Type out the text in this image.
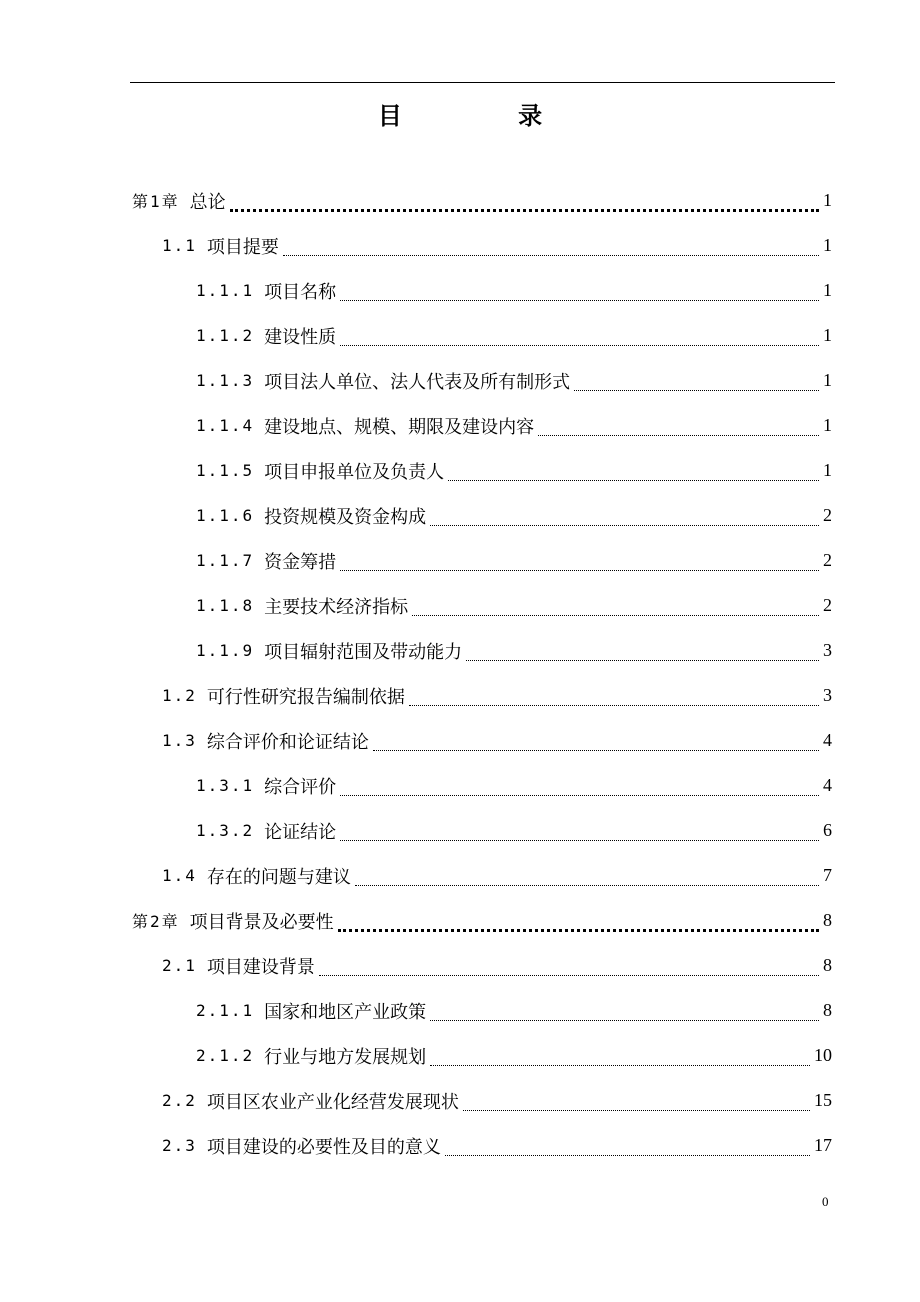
目 录
第1章 总论	1
1.1 项目提要	1
1.1.1 项目名称	1
1.1.2 建设性质	1
1.1.3 项目法人单位、法人代表及所有制形式	1
1.1.4 建设地点、规模、期限及建设内容	1
1.1.5 项目申报单位及负责人	1
1.1.6 投资规模及资金构成	2
1.1.7 资金筹措	2
1.1.8 主要技术经济指标	2
1.1.9 项目辐射范围及带动能力	3
1.2 可行性研究报告编制依据	3
1.3 综合评价和论证结论	4
1.3.1 综合评价	4
1.3.2 论证结论	6
1.4 存在的问题与建议	7
第2章 项目背景及必要性	8
2.1 项目建设背景	8
2.1.1 国家和地区产业政策	8
2.1.2 行业与地方发展规划	10
2.2 项目区农业产业化经营发展现状	15
2.3 项目建设的必要性及目的意义	17
0
